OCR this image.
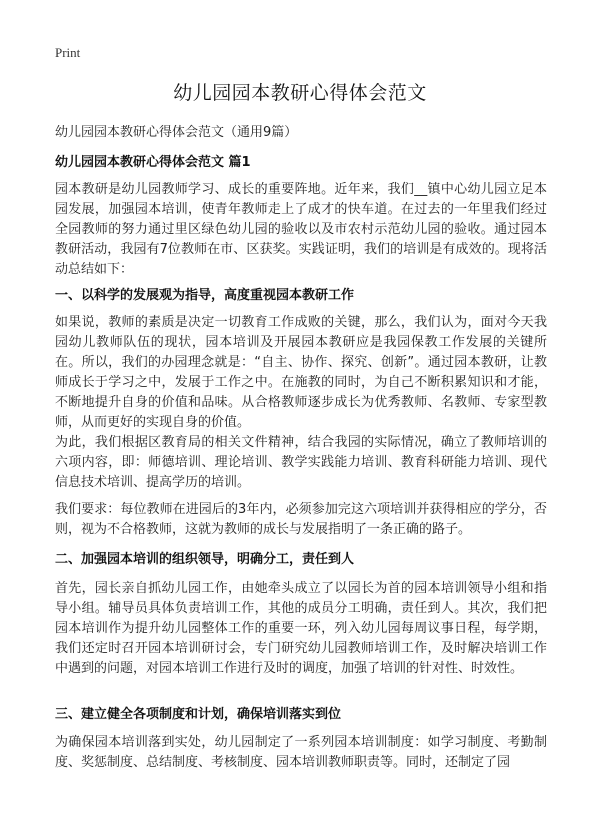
Print
幼儿园园本教研心得体会范文
幼儿园园本教研心得体会范文（通用9篇）
幼儿园园本教研心得体会范文 篇1
园本教研是幼儿园教师学习、成长的重要阵地。近年来，我们__镇中心幼儿园立足本园发展，加强园本培训，使青年教师走上了成才的快车道。在过去的一年里我们经过全园教师的努力通过里区绿色幼儿园的验收以及市农村示范幼儿园的验收。通过园本教研活动，我园有7位教师在市、区获奖。实践证明，我们的培训是有成效的。现将活动总结如下：
一、以科学的发展观为指导，高度重视园本教研工作
如果说，教师的素质是决定一切教育工作成败的关键，那么，我们认为，面对今天我园幼儿教师队伍的现状，园本培训及开展园本教研应是我园保教工作发展的关键所在。所以，我们的办园理念就是：“自主、协作、探究、创新”。通过园本教研，让教师成长于学习之中，发展于工作之中。在施教的同时，为自己不断积累知识和才能，不断地提升自身的价值和品味。从合格教师逐步成长为优秀教师、名教师、专家型教师，从而更好的实现自身的价值。
为此，我们根据区教育局的相关文件精神，结合我园的实际情况，确立了教师培训的六项内容，即：师德培训、理论培训、教学实践能力培训、教育科研能力培训、现代信息技术培训、提高学历的培训。
我们要求：每位教师在进园后的3年内，必须参加完这六项培训并获得相应的学分，否则，视为不合格教师，这就为教师的成长与发展指明了一条正确的路子。
二、加强园本培训的组织领导，明确分工，责任到人
首先，园长亲自抓幼儿园工作，由她牵头成立了以园长为首的园本培训领导小组和指导小组。辅导员具体负责培训工作，其他的成员分工明确，责任到人。其次，我们把园本培训作为提升幼儿园整体工作的重要一环，列入幼儿园每周议事日程，每学期，我们还定时召开园本培训研讨会，专门研究幼儿园教师培训工作，及时解决培训工作中遇到的问题，对园本培训工作进行及时的调度，加强了培训的针对性、时效性。
三、建立健全各项制度和计划，确保培训落实到位
为确保园本培训落到实处，幼儿园制定了一系列园本培训制度：如学习制度、考勤制度、奖惩制度、总结制度、考核制度、园本培训教师职责等。同时，还制定了园
